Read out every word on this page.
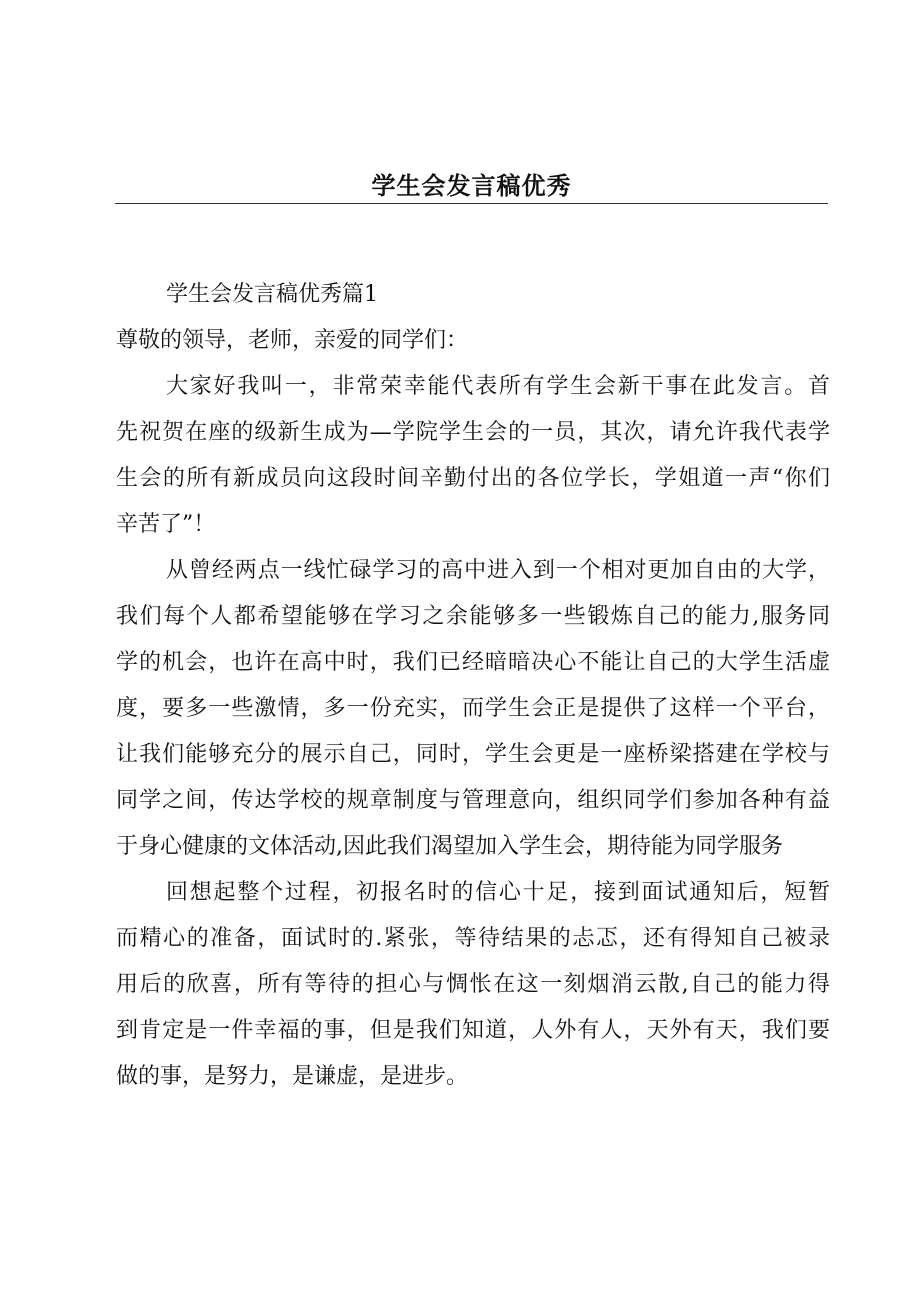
学生会发言稿优秀
学生会发言稿优秀篇1
尊敬的领导，老师，亲爱的同学们：
大家好我叫一，非常荣幸能代表所有学生会新干事在此发言。首
先祝贺在座的级新生成为—学院学生会的一员，其次，请允许我代表学
生会的所有新成员向这段时间辛勤付出的各位学长，学姐道一声“你们
辛苦了”！
从曾经两点一线忙碌学习的高中进入到一个相对更加自由的大学，
我们每个人都希望能够在学习之余能够多一些锻炼自己的能力,服务同
学的机会，也许在高中时，我们已经暗暗决心不能让自己的大学生活虚
度，要多一些激情，多一份充实，而学生会正是提供了这样一个平台，
让我们能够充分的展示自己，同时，学生会更是一座桥梁搭建在学校与
同学之间，传达学校的规章制度与管理意向，组织同学们参加各种有益
于身心健康的文体活动,因此我们渴望加入学生会，期待能为同学服务
回想起整个过程，初报名时的信心十足，接到面试通知后，短暂
而精心的准备，面试时的.紧张，等待结果的忐忑，还有得知自己被录
用后的欣喜，所有等待的担心与惆怅在这一刻烟消云散,自己的能力得
到肯定是一件幸福的事，但是我们知道，人外有人，天外有天，我们要
做的事，是努力，是谦虚，是进步。
